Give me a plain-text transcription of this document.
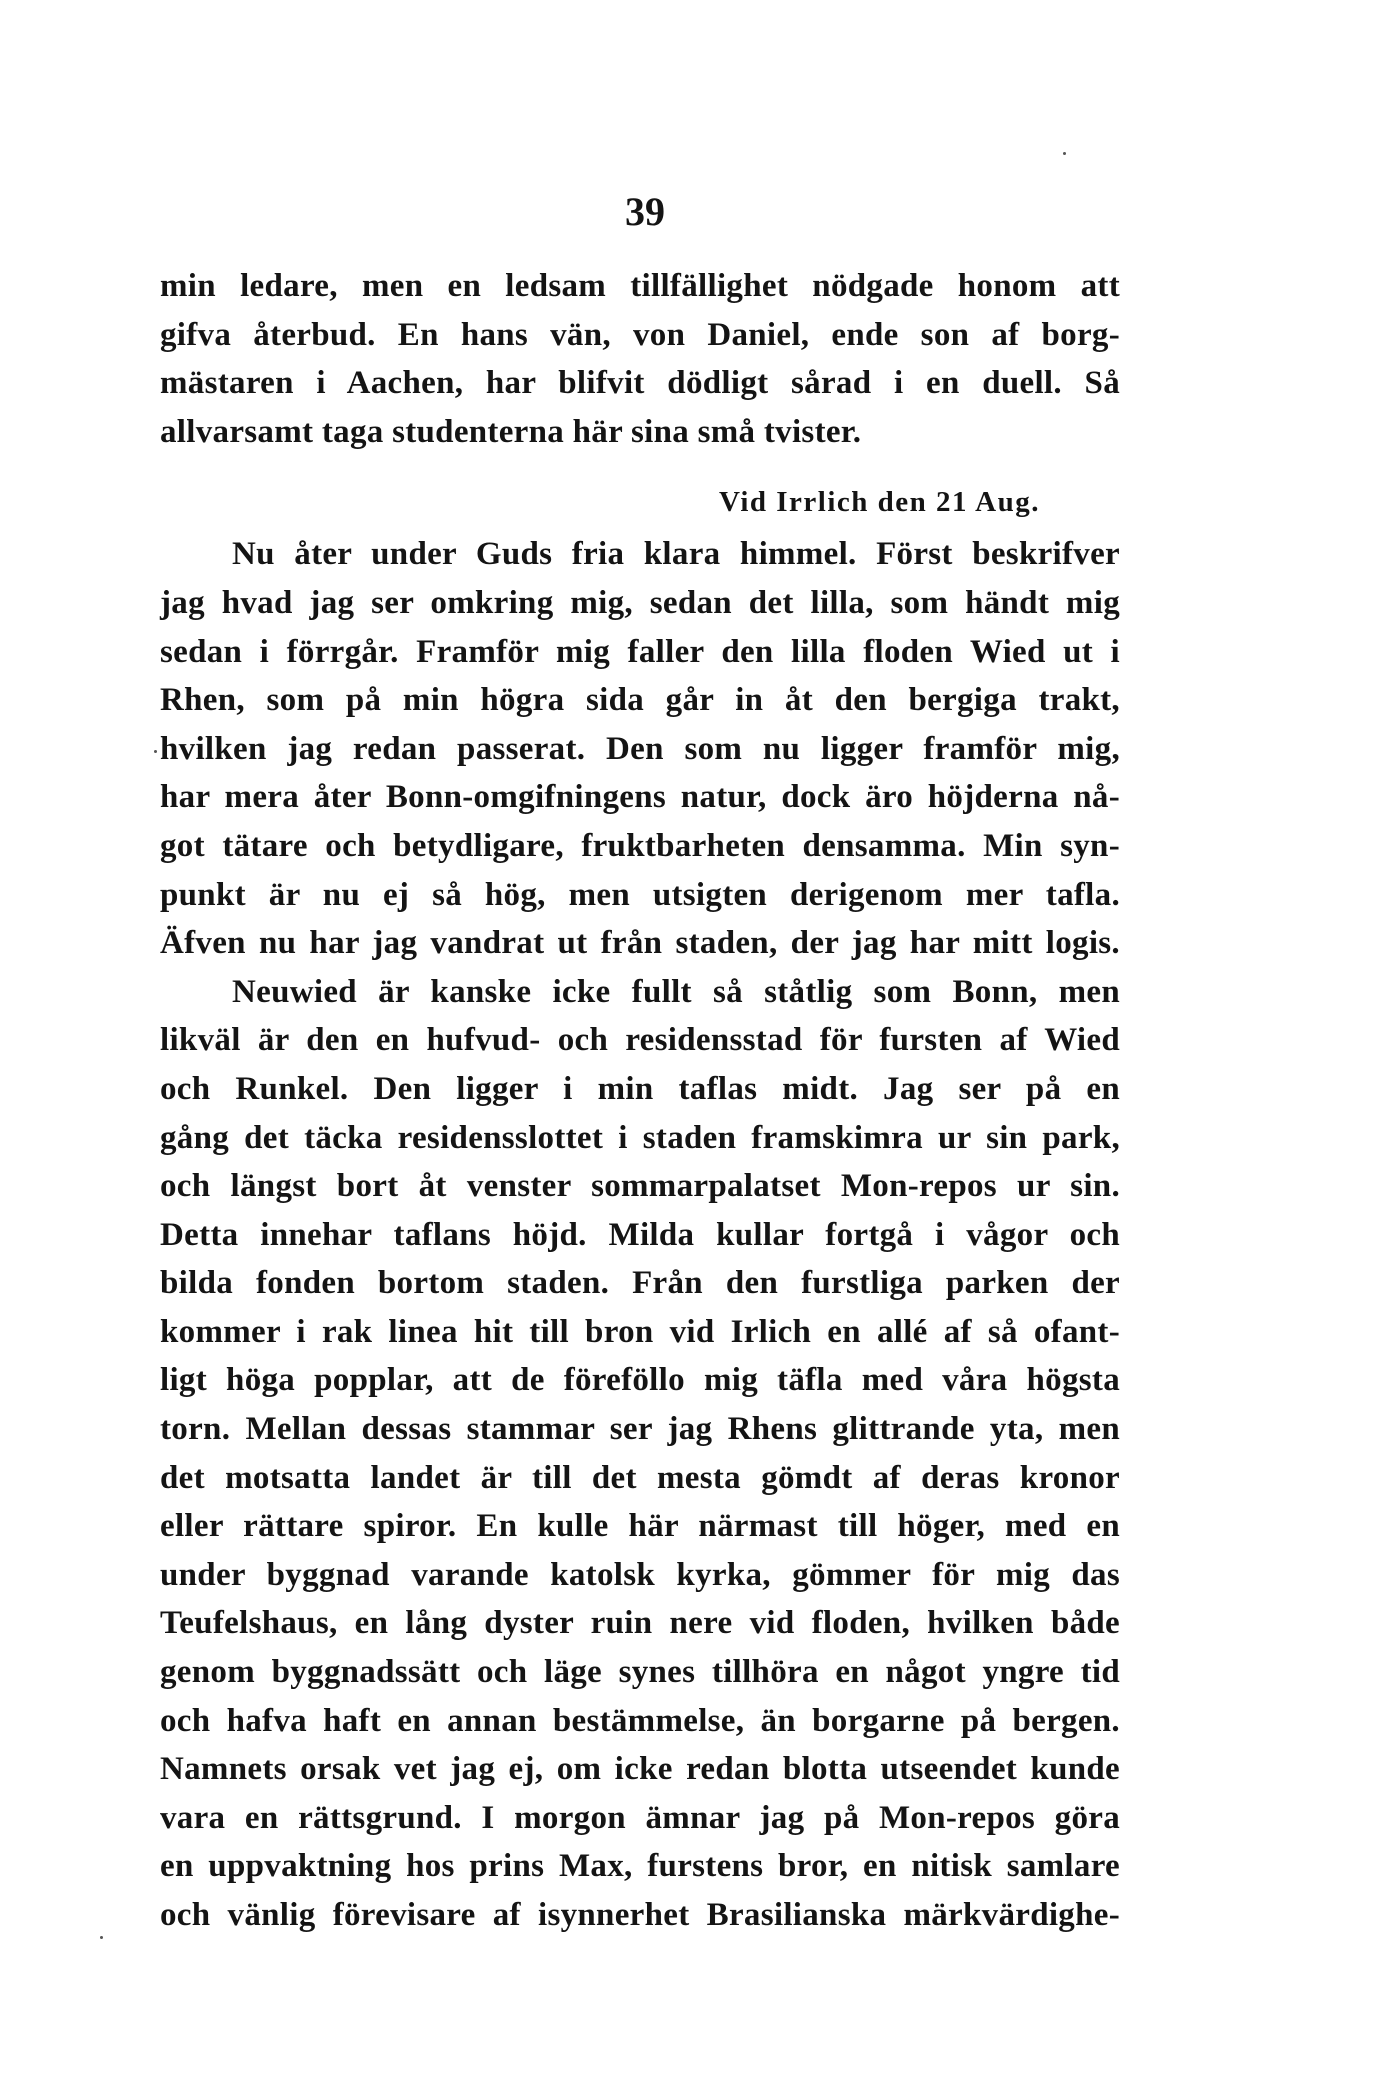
39
min ledare, men en ledsam tillfällighet nödgade honom att
gifva återbud. En hans vän, von Daniel, ende son af borg-
mästaren i Aachen, har blifvit dödligt sårad i en duell. Så
allvarsamt taga studenterna här sina små tvister.
Vid Irrlich den 21 Aug.
Nu åter under Guds fria klara himmel. Först beskrifver
jag hvad jag ser omkring mig, sedan det lilla, som händt mig
sedan i förrgår. Framför mig faller den lilla floden Wied ut i
Rhen, som på min högra sida går in åt den bergiga trakt,
hvilken jag redan passerat. Den som nu ligger framför mig,
har mera åter Bonn-omgifningens natur, dock äro höjderna nå-
got tätare och betydligare, fruktbarheten densamma. Min syn-
punkt är nu ej så hög, men utsigten derigenom mer tafla.
Äfven nu har jag vandrat ut från staden, der jag har mitt logis.
Neuwied är kanske icke fullt så ståtlig som Bonn, men
likväl är den en hufvud- och residensstad för fursten af Wied
och Runkel. Den ligger i min taflas midt. Jag ser på en
gång det täcka residensslottet i staden framskimra ur sin park,
och längst bort åt venster sommarpalatset Mon-repos ur sin.
Detta innehar taflans höjd. Milda kullar fortgå i vågor och
bilda fonden bortom staden. Från den furstliga parken der
kommer i rak linea hit till bron vid Irlich en allé af så ofant-
ligt höga popplar, att de föreföllo mig täfla med våra högsta
torn. Mellan dessas stammar ser jag Rhens glittrande yta, men
det motsatta landet är till det mesta gömdt af deras kronor
eller rättare spiror. En kulle här närmast till höger, med en
under byggnad varande katolsk kyrka, gömmer för mig das
Teufelshaus, en lång dyster ruin nere vid floden, hvilken både
genom byggnadssätt och läge synes tillhöra en något yngre tid
och hafva haft en annan bestämmelse, än borgarne på bergen.
Namnets orsak vet jag ej, om icke redan blotta utseendet kunde
vara en rättsgrund. I morgon ämnar jag på Mon-repos göra
en uppvaktning hos prins Max, furstens bror, en nitisk samlare
och vänlig förevisare af isynnerhet Brasilianska märkvärdighe-
